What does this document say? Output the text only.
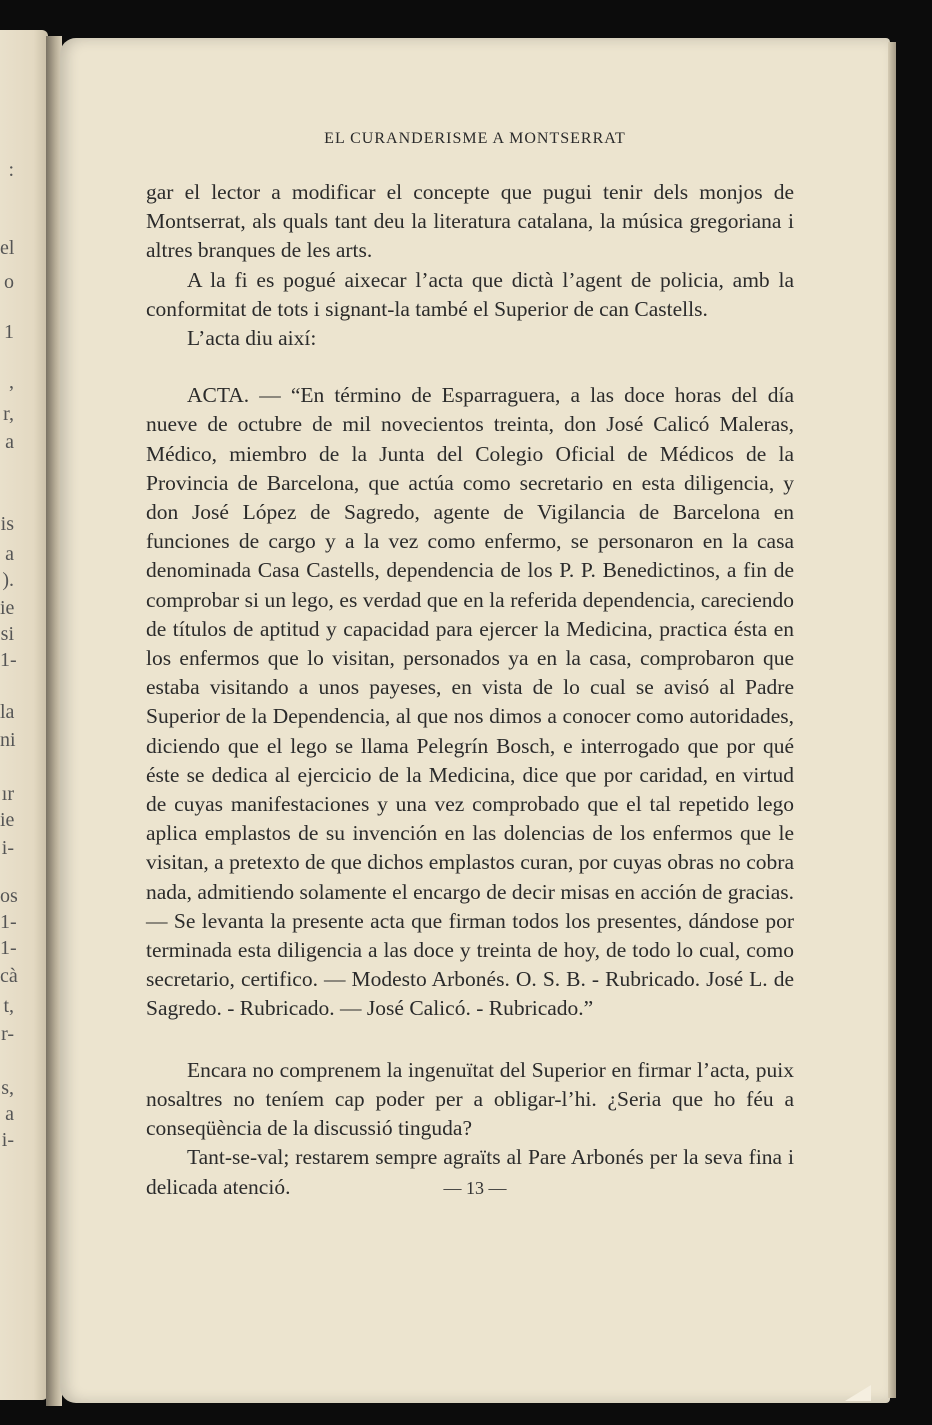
:
el
o
1
,
r,
a
is
a
).
ie
si
1-
la
ni
ır
ie
i-
os
1-
1-
cà
t,
r-
s,
a
i-
EL CURANDERISME A MONTSERRAT

gar el lector a modificar el concepte que pugui tenir dels monjos de Montserrat, als quals tant deu la literatura catalana, la música gregoriana i altres branques de les arts.

A la fi es pogué aixecar l’acta que dictà l’agent de policia, amb la conformitat de tots i signant-la també el Superior de can Castells.

L’acta diu així:

ACTA. — “En término de Esparraguera, a las doce horas del día nueve de octubre de mil novecientos treinta, don José Calicó Maleras, Médico, miembro de la Junta del Colegio Oficial de Médicos de la Provincia de Barcelona, que actúa como secretario en esta diligencia, y don José López de Sagredo, agente de Vigilancia de Barcelona en funciones de cargo y a la vez como enfermo, se personaron en la casa denominada Casa Castells, dependencia de los P. P. Benedictinos, a fin de comprobar si un lego, es verdad que en la referida dependencia, careciendo de títulos de aptitud y capacidad para ejercer la Medicina, practica ésta en los enfermos que lo visitan, personados ya en la casa, comprobaron que estaba visitando a unos payeses, en vista de lo cual se avisó al Padre Superior de la Dependencia, al que nos dimos a conocer como autoridades, diciendo que el lego se llama Pelegrín Bosch, e interrogado que por qué éste se dedica al ejercicio de la Medicina, dice que por caridad, en virtud de cuyas manifestaciones y una vez comprobado que el tal repetido lego aplica emplastos de su invención en las dolencias de los enfermos que le visitan, a pretexto de que dichos emplastos curan, por cuyas obras no cobra nada, admitiendo solamente el encargo de decir misas en acción de gracias. — Se levanta la presente acta que firman todos los presentes, dándose por terminada esta diligencia a las doce y treinta de hoy, de todo lo cual, como secretario, certifico. — Modesto Arbonés. O. S. B. - Rubricado. José L. de Sagredo. - Rubricado. — José Calicó. - Rubricado.”

Encara no comprenem la ingenuïtat del Superior en firmar l’acta, puix nosaltres no teníem cap poder per a obligar-l’hi. ¿Seria que ho féu a conseqüència de la discussió tinguda?

Tant-se-val; restarem sempre agraïts al Pare Arbonés per la seva fina i delicada atenció.	— 13 —
